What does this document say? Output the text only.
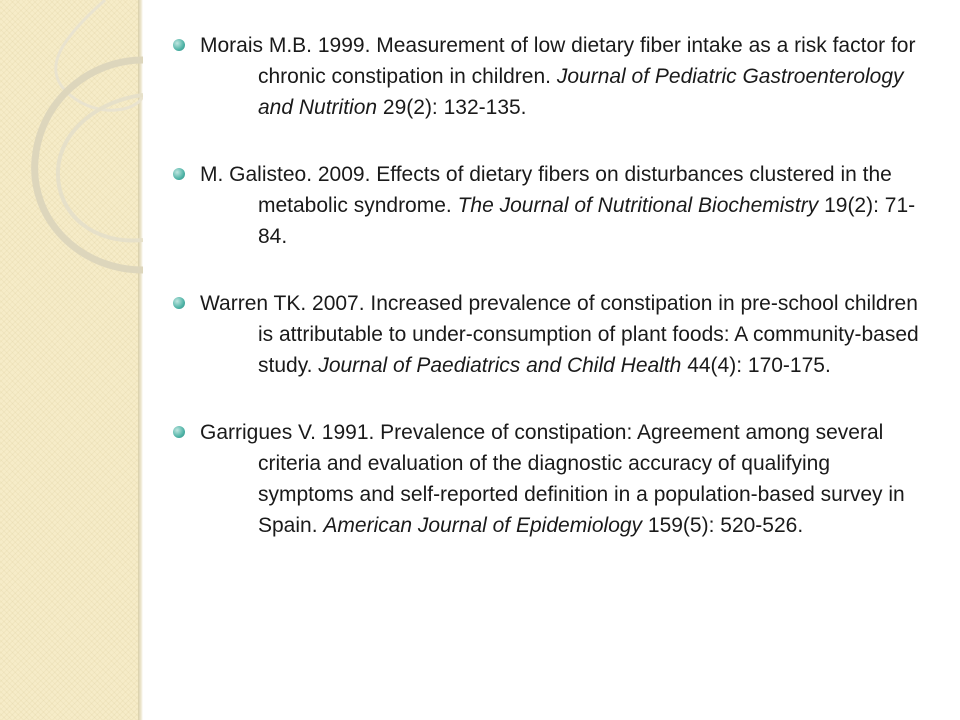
Morais M.B. 1999. Measurement of low dietary fiber intake as a risk factor for chronic constipation in children. Journal of Pediatric Gastroenterology and Nutrition 29(2): 132-135.
M. Galisteo. 2009. Effects of dietary fibers on disturbances clustered in the metabolic syndrome. The Journal of Nutritional Biochemistry 19(2): 71-84.
Warren TK. 2007. Increased prevalence of constipation in pre-school children is attributable to under-consumption of plant foods: A community-based study. Journal of Paediatrics and Child Health 44(4): 170-175.
Garrigues V. 1991. Prevalence of constipation: Agreement among several criteria and evaluation of the diagnostic accuracy of qualifying symptoms and self-reported definition in a population-based survey in Spain. American Journal of Epidemiology 159(5): 520-526.
